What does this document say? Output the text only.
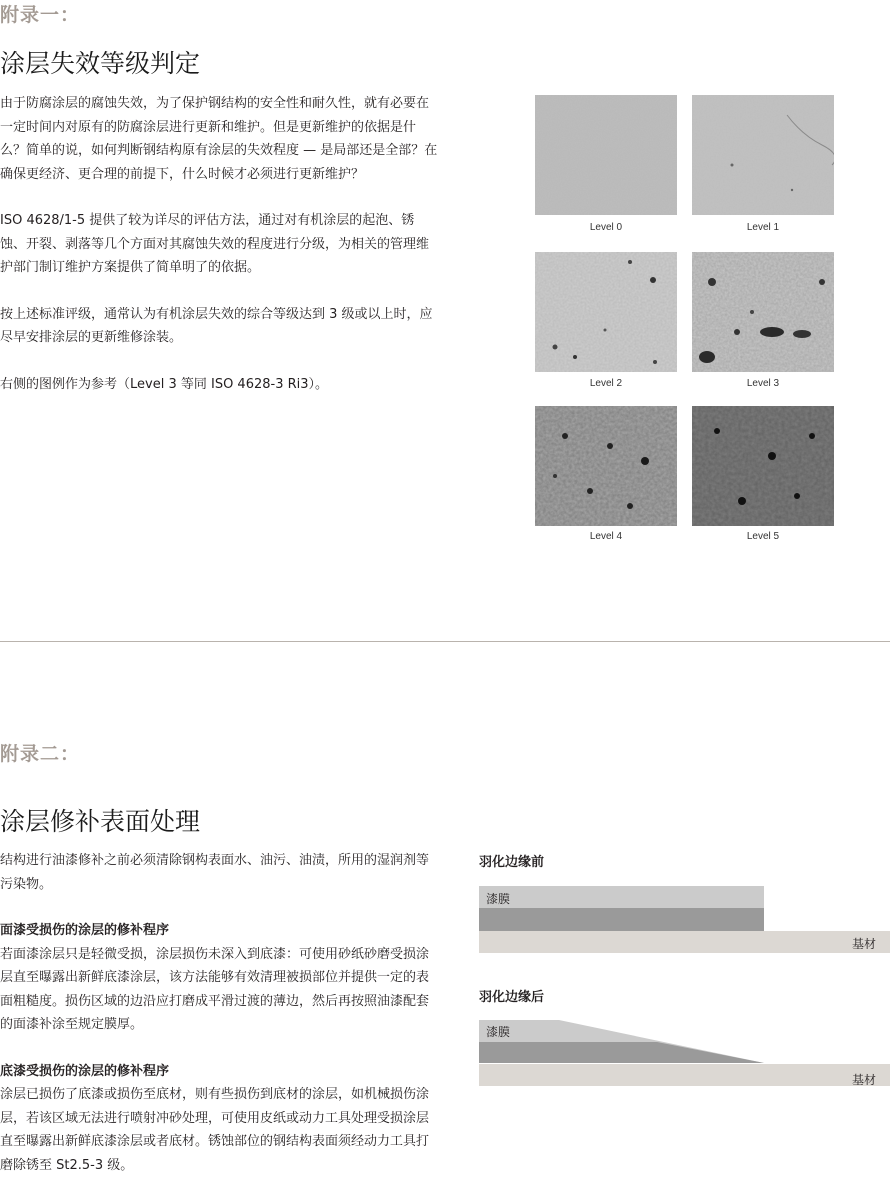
附录一：
涂层失效等级判定

由于防腐涂层的腐蚀失效，为了保护钢结构的安全性和耐久性，就有必要在一定时间内对原有的防腐涂层进行更新和维护。但是更新维护的依据是什么？简单的说，如何判断钢结构原有涂层的失效程度 — 是局部还是全部？在确保更经济、更合理的前提下，什么时候才必须进行更新维护？

ISO 4628/1-5 提供了较为详尽的评估方法，通过对有机涂层的起泡、锈蚀、开裂、剥落等几个方面对其腐蚀失效的程度进行分级，为相关的管理维护部门制订维护方案提供了简单明了的依据。

按上述标准评级，通常认为有机涂层失效的综合等级达到 3 级或以上时，应尽早安排涂层的更新维修涂装。

右侧的图例作为参考（Level 3 等同 ISO 4628-3 Ri3）。

Level 0	Level 1
Level 2	Level 3
Level 4	Level 5
附录二：
涂层修补表面处理

结构进行油漆修补之前必须清除钢构表面水、油污、油渍，所用的湿润剂等污染物。

面漆受损伤的涂层的修补程序

若面漆涂层只是轻微受损，涂层损伤未深入到底漆：可使用砂纸砂磨受损涂层直至曝露出新鲜底漆涂层，该方法能够有效清理被损部位并提供一定的表面粗糙度。损伤区域的边沿应打磨成平滑过渡的薄边，然后再按照油漆配套的面漆补涂至规定膜厚。

底漆受损伤的涂层的修补程序

涂层已损伤了底漆或损伤至底材，则有些损伤到底材的涂层，如机械损伤涂层，若该区域无法进行喷射冲砂处理，可使用皮纸或动力工具处理受损涂层直至曝露出新鲜底漆涂层或者底材。锈蚀部位的钢结构表面须经动力工具打磨除锈至 St2.5-3 级。

羽化边缘前
漆膜
基材
羽化边缘后
漆膜
基材
